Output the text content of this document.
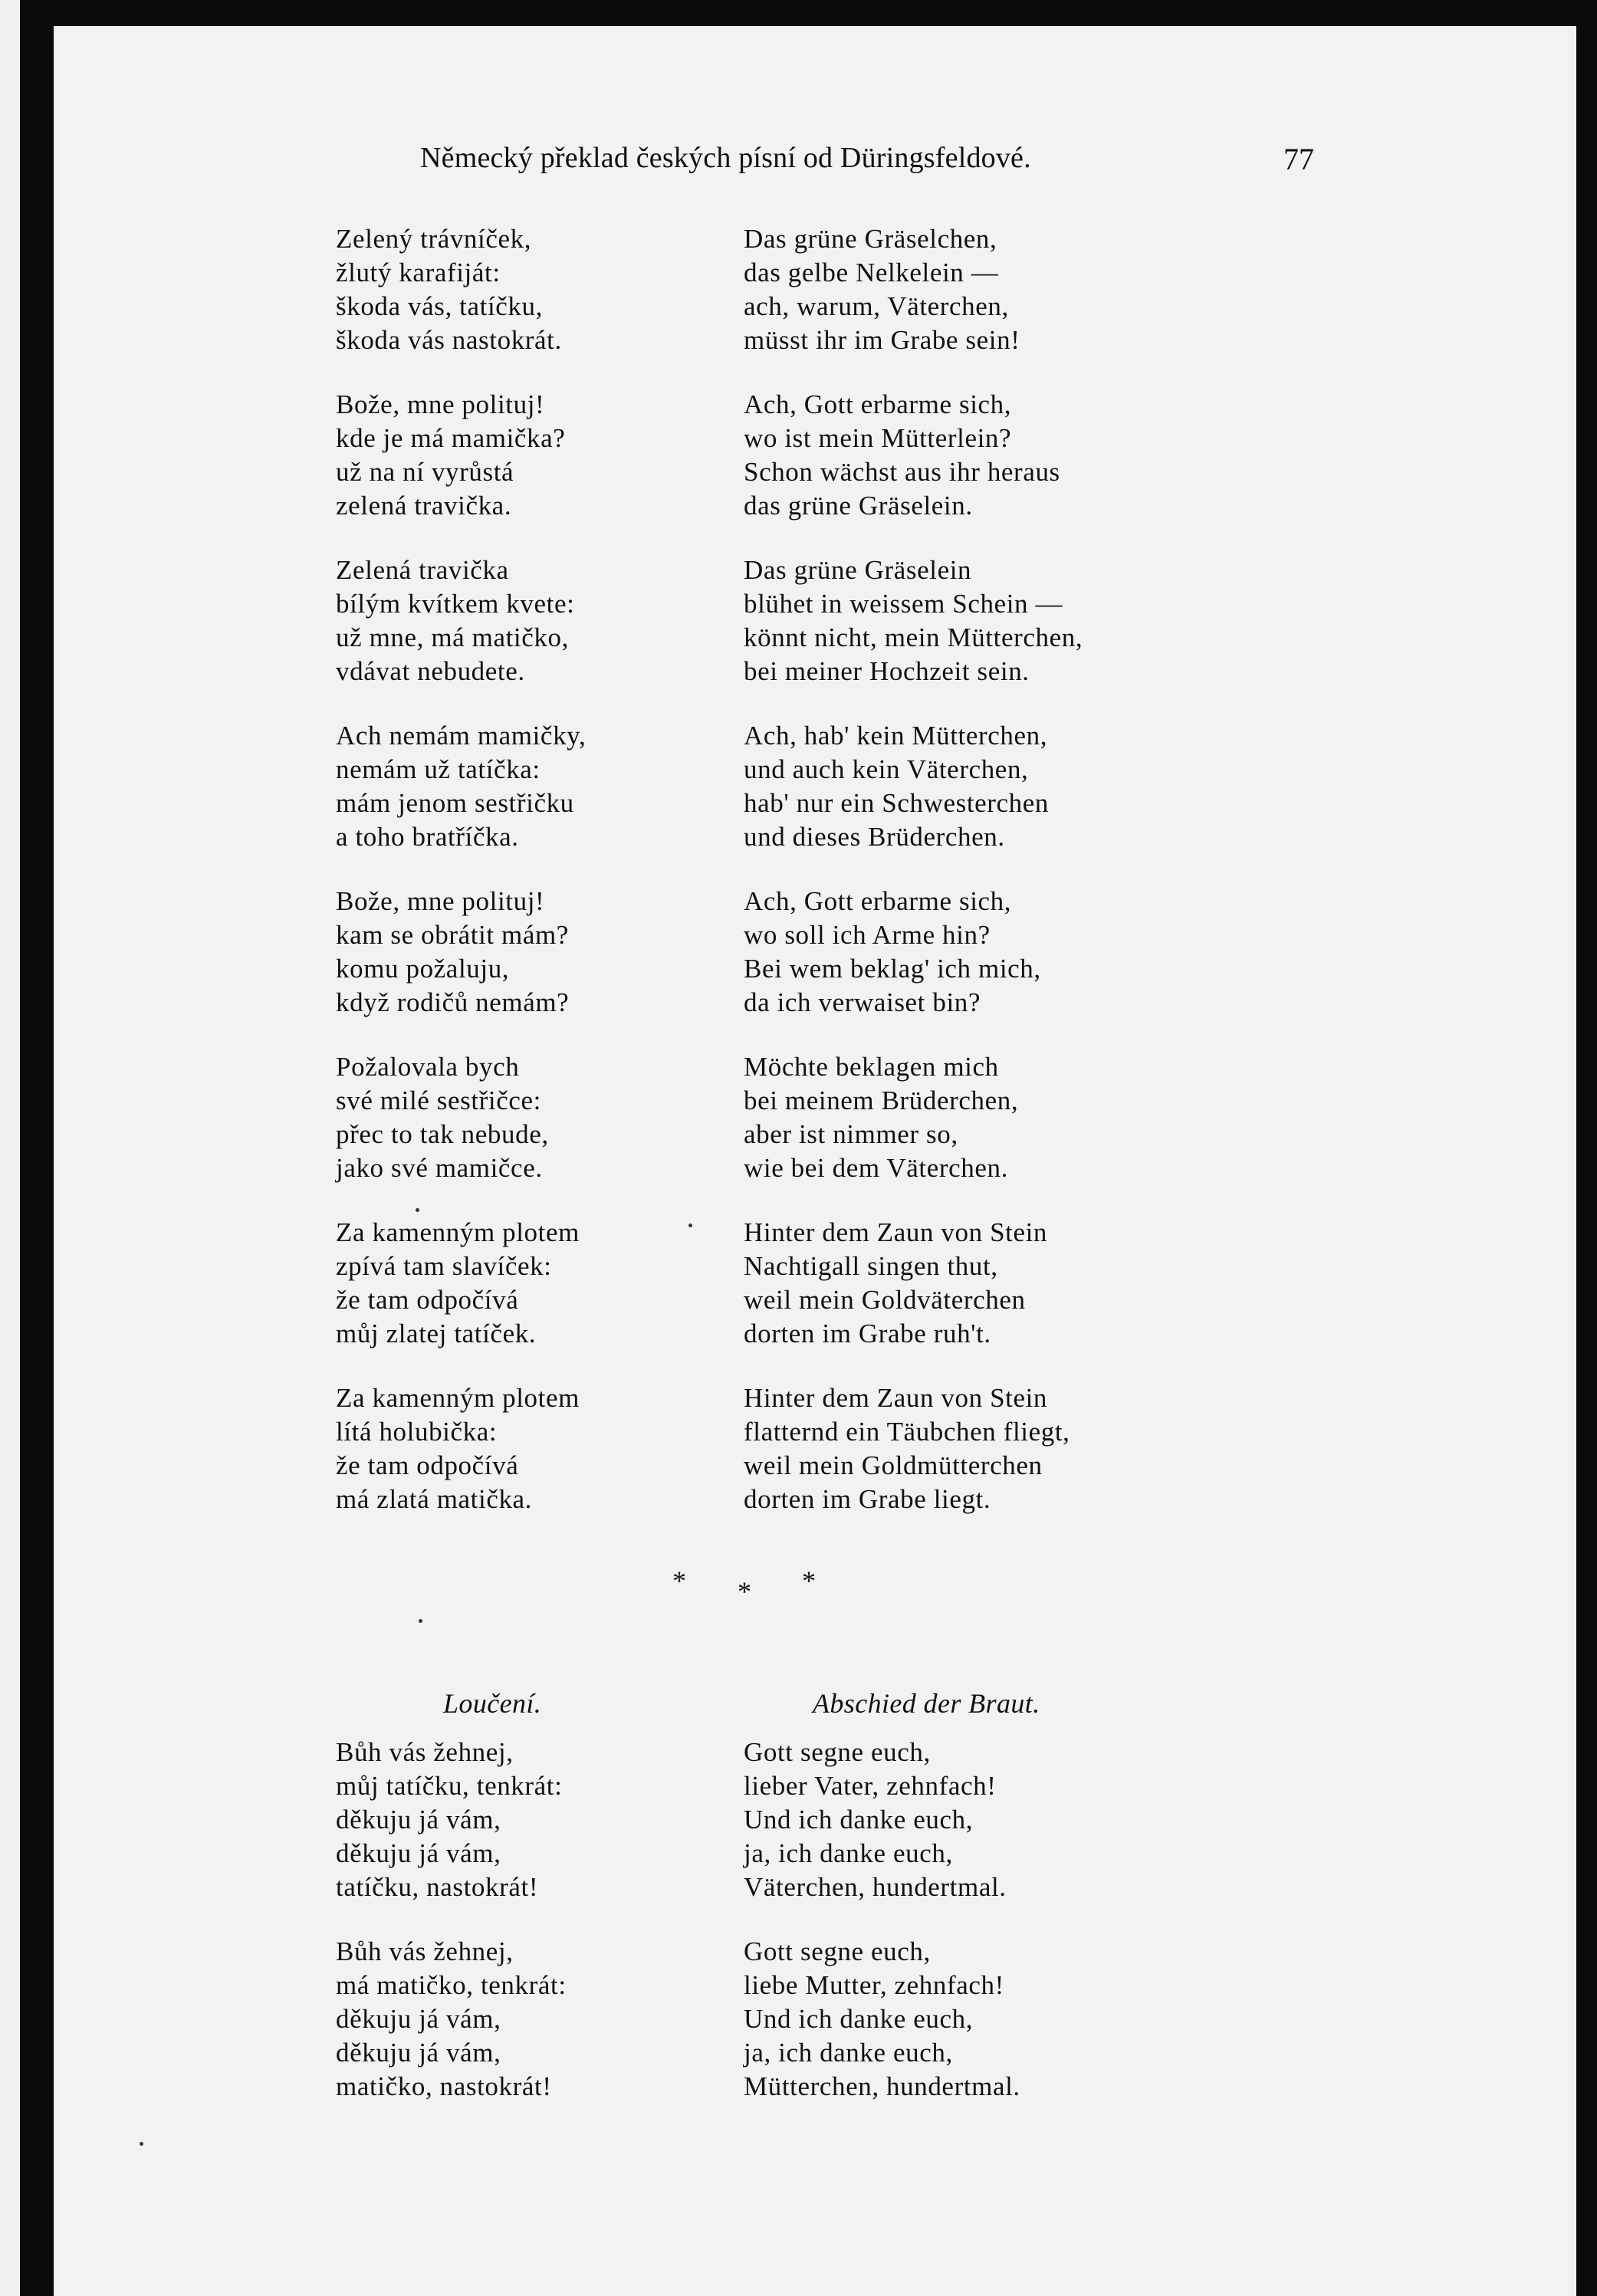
Německý překlad českých písní od Düringsfeldové.	77
Zelený trávníček,
žlutý karafiját:
škoda vás, tatíčku,
škoda vás nastokrát.
Bože, mne polituj!
kde je má mamička?
už na ní vyrůstá
zelená travička.
Zelená travička
bílým kvítkem kvete:
už mne, má matičko,
vdávat nebudete.
Ach nemám mamičky,
nemám už tatíčka:
mám jenom sestřičku
a toho bratříčka.
Bože, mne polituj!
kam se obrátit mám?
komu požaluju,
když rodičů nemám?
Požalovala bych
své milé sestřičce:
přec to tak nebude,
jako své mamičce.
Za kamenným plotem
zpívá tam slavíček:
že tam odpočívá
můj zlatej tatíček.
Za kamenným plotem
lítá holubička:
že tam odpočívá
má zlatá matička.
Das grüne Gräselchen,
das gelbe Nelkelein —
ach, warum, Väterchen,
müsst ihr im Grabe sein!
Ach, Gott erbarme sich,
wo ist mein Mütterlein?
Schon wächst aus ihr heraus
das grüne Gräselein.
Das grüne Gräselein
blühet in weissem Schein —
könnt nicht, mein Mütterchen,
bei meiner Hochzeit sein.
Ach, hab' kein Mütterchen,
und auch kein Väterchen,
hab' nur ein Schwesterchen
und dieses Brüderchen.
Ach, Gott erbarme sich,
wo soll ich Arme hin?
Bei wem beklag' ich mich,
da ich verwaiset bin?
Möchte beklagen mich
bei meinem Brüderchen,
aber ist nimmer so,
wie bei dem Väterchen.
Hinter dem Zaun von Stein
Nachtigall singen thut,
weil mein Goldväterchen
dorten im Grabe ruh't.
Hinter dem Zaun von Stein
flatternd ein Täubchen fliegt,
weil mein Goldmütterchen
dorten im Grabe liegt.
* * *
Loučení.
Bůh vás žehnej,
můj tatíčku, tenkrát:
děkuju já vám,
děkuju já vám,
tatíčku, nastokrát!
Bůh vás žehnej,
má matičko, tenkrát:
děkuju já vám,
děkuju já vám,
matičko, nastokrát!
Abschied der Braut.
Gott segne euch,
lieber Vater, zehnfach!
Und ich danke euch,
ja, ich danke euch,
Väterchen, hundertmal.
Gott segne euch,
liebe Mutter, zehnfach!
Und ich danke euch,
ja, ich danke euch,
Mütterchen, hundertmal.
